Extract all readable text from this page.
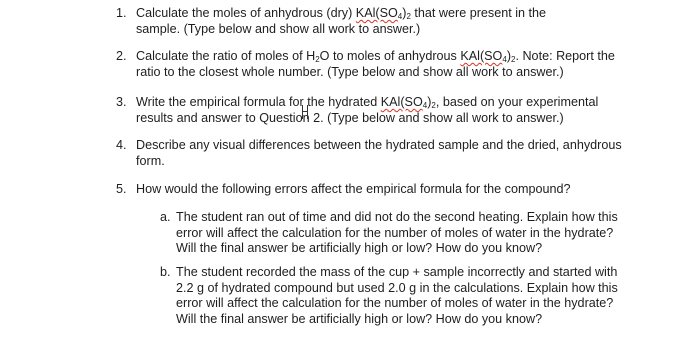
1. Calculate the moles of anhydrous (dry) $KAl(SO_4)_2$ that were present in the
sample. (Type below and show all work to answer.)
2. Calculate the ratio of moles of $H_2O$ to moles of anhydrous $KAl(SO_4)_2$. Note: Report the
ratio to the closest whole number. (Type below and show all work to answer.)
3. Write the empirical formula for the hydrated $KAl(SO_4)_2$, based on your experimental
results and answer to Question 2. (Type below and show all work to answer.)
4. Describe any visual differences between the hydrated sample and the dried, anhydrous
form.
5. How would the following errors affect the empirical formula for the compound?
a. The student ran out of time and did not do the second heating. Explain how this
error will affect the calculation for the number of moles of water in the hydrate?
Will the final answer be artificially high or low? How do you know?
b. The student recorded the mass of the cup + sample incorrectly and started with
2.2 g of hydrated compound but used 2.0 g in the calculations. Explain how this
error will affect the calculation for the number of moles of water in the hydrate?
Will the final answer be artificially high or low? How do you know?
